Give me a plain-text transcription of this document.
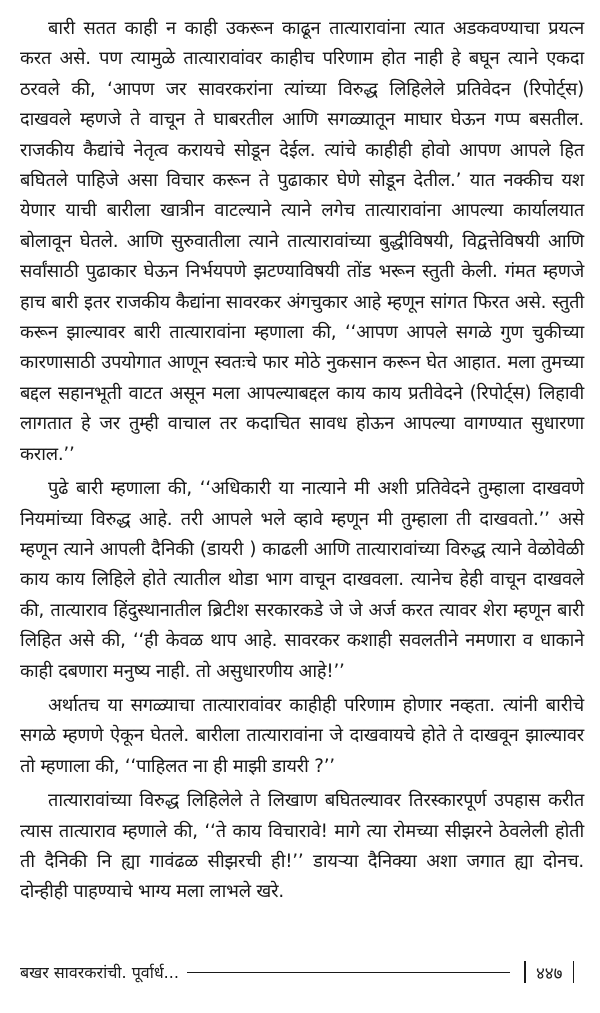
बारी सतत काही न काही उकरून काढून तात्यारावांना त्यात अडकवण्याचा प्रयत्न करत असे. पण त्यामुळे तात्यारावांवर काहीच परिणाम होत नाही हे बघून त्याने एकदा ठरवले की, ‘आपण जर सावरकरांना त्यांच्या विरुद्ध लिहिलेले प्रतिवेदन (रिपोर्ट्स) दाखवले म्हणजे ते वाचून ते घाबरतील आणि सगळ्यातून माघार घेऊन गप्प बसतील. राजकीय कैद्यांचे नेतृत्व करायचे सोडून देईल. त्यांचे काहीही होवो आपण आपले हित बघितले पाहिजे असा विचार करून ते पुढाकार घेणे सोडून देतील.’ यात नक्कीच यश येणार याची बारीला खात्रीन वाटल्याने त्याने लगेच तात्यारावांना आपल्या कार्यालयात बोलावून घेतले. आणि सुरुवातीला त्याने तात्यारावांच्या बुद्धीविषयी, विद्वत्तेविषयी आणि सर्वांसाठी पुढाकार घेऊन निर्भयपणे झटण्याविषयी तोंड भरून स्तुती केली. गंमत म्हणजे हाच बारी इतर राजकीय कैद्यांना सावरकर अंगचुकार आहे म्हणून सांगत फिरत असे. स्तुती करून झाल्यावर बारी तात्यारावांना म्हणाला की, ‘‘आपण आपले सगळे गुण चुकीच्या कारणासाठी उपयोगात आणून स्वतःचे फार मोठे नुकसान करून घेत आहात. मला तुमच्या बद्दल सहानभूती वाटत असून मला आपल्याबद्दल काय काय प्रतीवेदने (रिपोर्ट्स) लिहावी लागतात हे जर तुम्ही वाचाल तर कदाचित सावध होऊन आपल्या वागण्यात सुधारणा कराल.’’

पुढे बारी म्हणाला की, ‘‘अधिकारी या नात्याने मी अशी प्रतिवेदने तुम्हाला दाखवणे नियमांच्या विरुद्ध आहे. तरी आपले भले व्हावे म्हणून मी तुम्हाला ती दाखवतो.’’ असे म्हणून त्याने आपली दैनिकी (डायरी ) काढली आणि तात्यारावांच्या विरुद्ध त्याने वेळोवेळी काय काय लिहिले होते त्यातील थोडा भाग वाचून दाखवला. त्यानेच हेही वाचून दाखवले की, तात्याराव हिंदुस्थानातील ब्रिटीश सरकारकडे जे जे अर्ज करत त्यावर शेरा म्हणून बारी लिहित असे की, ‘‘ही केवळ थाप आहे. सावरकर कशाही सवलतीने नमणारा व धाकाने काही दबणारा मनुष्य नाही. तो असुधारणीय आहे!’’

अर्थातच या सगळ्याचा तात्यारावांवर काहीही परिणाम होणार नव्हता. त्यांनी बारीचे सगळे म्हणणे ऐकून घेतले. बारीला तात्यारावांना जे दाखवायचे होते ते दाखवून झाल्यावर तो म्हणाला की, ‘‘पाहिलत ना ही माझी डायरी ?’’

तात्यारावांच्या विरुद्ध लिहिलेले ते लिखाण बघितल्यावर तिरस्कारपूर्ण उपहास करीत त्यास तात्याराव म्हणाले की, ‘‘ते काय विचारावे! मागे त्या रोमच्या सीझरने ठेवलेली होती ती दैनिकी नि ह्या गावंढळ सीझरची ही!’’ डायऱ्या दैनिक्या अशा जगात ह्या दोनच. दोन्हीही पाहण्याचे भाग्य मला लाभले खरे.

बखर सावरकरांची. पूर्वार्ध...	४४७
